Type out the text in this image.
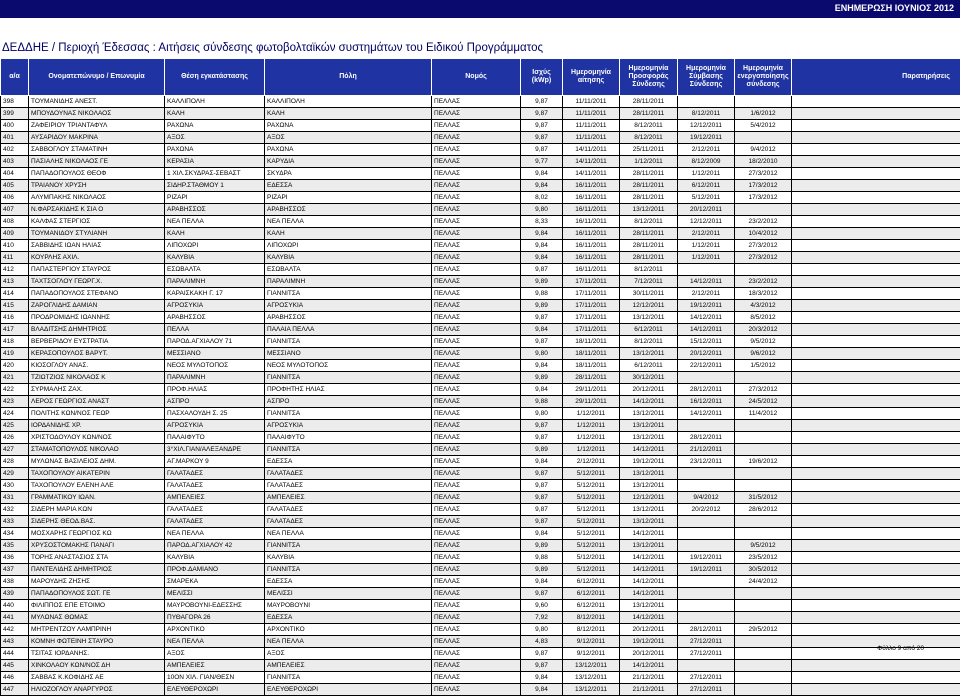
ΕΝΗΜΕΡΩΣΗ ΙΟΥΝΙΟΣ 2012
ΔΕΔΔΗΕ / Περιοχή Έδεσσας : Αιτήσεις σύνδεσης φωτοβολταϊκών συστημάτων του Ειδικού Προγράμματος
α/α	Ονοματεπώνυμο / Επωνυμία	Θέση εγκατάστασης	Πόλη	Νομός	Ισχύς (kWp)	Ημερομηνία αίτησης	Ημερομηνία Προσφοράς Σύνδεσης	Ημερομηνία Σύμβασης Σύνδεσης	Ημερομηνία ενεργοποίησης σύνδεσης	Παρατηρήσεις
398	ΤΟΥΜΑΝΙΔΗΣ ΑΝΕΣΤ.	ΚΑΛΛΙΠΟΛΗ	ΚΑΛΛΙΠΟΛΗ	ΠΕΛΛΑΣ	9,87	11/11/2011	28/11/2011			
399	ΜΠΟΥΔΟΥΝΑΣ ΝΙΚΟΛΑΟΣ	ΚΑΛΗ	ΚΑΛΗ	ΠΕΛΛΑΣ	9,87	11/11/2011	28/11/2011	8/12/2011	1/6/2012	
400	ΖΑΦΕΙΡΙΟΥ ΤΡΙΑΝΤΑΦΥΛ	ΡΑΧΩΝΑ	ΡΑΧΩΝΑ	ΠΕΛΛΑΣ	9,87	11/11/2011	8/12/2011	12/12/2011	5/4/2012	
401	ΑΥΣΑΡΙΔΟΥ ΜΑΚΡΙΝΑ	ΑΞΟΣ	ΑΞΟΣ	ΠΕΛΛΑΣ	9,87	11/11/2011	8/12/2011	19/12/2011		
402	ΣΑΒΒΟΓΛΟΥ ΣΤΑΜΑΤΙΝΗ	ΡΑΧΩΝΑ	ΡΑΧΩΝΑ	ΠΕΛΛΑΣ	9,87	14/11/2011	25/11/2011	2/12/2011	9/4/2012	
403	ΠΑΣΙΑΛΗΣ ΝΙΚΟΛΑΟΣ ΓΕ	ΚΕΡΑΣΙΑ	ΚΑΡΥΔΙΑ	ΠΕΛΛΑΣ	9,77	14/11/2011	1/12/2011	8/12/2009	18/2/2010	
404	ΠΑΠΑΔΟΠΟΥΛΟΣ ΘΕΟΦ	1 ΧΙΛ.ΣΚΥΔΡΑΣ-ΣΕΒΑΣΤ	ΣΚΥΔΡΑ	ΠΕΛΛΑΣ	9,84	14/11/2011	28/11/2011	1/12/2011	27/3/2012	
405	ΤΡΑΙΑΝΟΥ ΧΡΥΣΗ	ΣΙΔΗΡ.ΣΤΑΘΜΟΥ 1	ΕΔΕΣΣΑ	ΠΕΛΛΑΣ	9,84	16/11/2011	28/11/2011	6/12/2011	17/3/2012	
406	ΑΛΥΜΠΑΚΗΣ ΝΙΚΟΛΑΟΣ	ΡΙΖΑΡΙ	ΡΙΖΑΡΙ	ΠΕΛΛΑΣ	8,02	16/11/2011	28/11/2011	5/12/2011	17/3/2012	
407	Ν.ΦΑΡΣΑΚΙΔΗΣ Κ ΣΙΑ Ο	ΑΡΑΒΗΣΣΟΣ	ΑΡΑΒΗΣΣΟΣ	ΠΕΛΛΑΣ	9,80	16/11/2011	13/12/2011	20/12/2011		
408	ΚΑΛΦΑΣ ΣΤΕΡΓΙΟΣ	ΝΕΑ ΠΕΛΛΑ	ΝΕΑ ΠΕΛΛΑ	ΠΕΛΛΑΣ	8,33	16/11/2011	8/12/2011	12/12/2011	23/2/2012	
409	ΤΟΥΜΑΝΙΔΟΥ ΣΤΥΛΙΑΝΗ	ΚΑΛΗ	ΚΑΛΗ	ΠΕΛΛΑΣ	9,84	16/11/2011	28/11/2011	2/12/2011	10/4/2012	
410	ΣΑΒΒΙΔΗΣ ΙΩΑΝ ΗΛΙΑΣ	ΛΙΠΟΧΩΡΙ	ΛΙΠΟΧΩΡΙ	ΠΕΛΛΑΣ	9,84	16/11/2011	28/11/2011	1/12/2011	27/3/2012	
411	ΚΟΥΡΛΗΣ ΑΧΙΛ.	ΚΑΛΥΒΙΑ	ΚΑΛΥΒΙΑ	ΠΕΛΛΑΣ	9,84	16/11/2011	28/11/2011	1/12/2011	27/3/2012	
412	ΠΑΠΑΣΤΕΡΓΙΟΥ ΣΤΑΥΡΟΣ	ΕΣΩΒΑΛΤΑ	ΕΣΩΒΑΛΤΑ	ΠΕΛΛΑΣ	9,87	16/11/2011	8/12/2011			
413	ΤΑΧΤΣΟΓΛΟΥ ΓΕΩΡΓ.Χ.	ΠΑΡΑΛΙΜΝΗ	ΠΑΡΑΛΙΜΝΗ	ΠΕΛΛΑΣ	9,89	17/11/2011	7/12/2011	14/12/2011	23/2/2012	
414	ΠΑΠΑΔΟΠΟΥΛΟΣ ΣΤΕΦΑΝΟ	ΚΑΡΑΙΣΚΑΚΗ Γ. 17	ΓΙΑΝΝΙΤΣΑ	ΠΕΛΛΑΣ	9,88	17/11/2011	30/11/2011	2/12/2011	18/3/2012	
415	ΖΑΡΟΓΛΙΔΗΣ ΔΑΜΙΑΝ	ΑΓΡΟΣΥΚΙΑ	ΑΓΡΟΣΥΚΙΑ	ΠΕΛΛΑΣ	9,89	17/11/2011	12/12/2011	19/12/2011	4/3/2012	
416	ΠΡΟΔΡΟΜΙΔΗΣ ΙΩΑΝΝΗΣ	ΑΡΑΒΗΣΣΟΣ	ΑΡΑΒΗΣΣΟΣ	ΠΕΛΛΑΣ	9,87	17/11/2011	13/12/2011	14/12/2011	8/5/2012	
417	ΒΛΑΔΙΤΣΗΣ ΔΗΜΗΤΡΙΟΣ	ΠΕΛΛΑ	ΠΑΛΑΙΑ ΠΕΛΛΑ	ΠΕΛΛΑΣ	9,84	17/11/2011	6/12/2011	14/12/2011	20/3/2012	
418	ΒΕΡΒΕΡΙΔΟΥ ΕΥΣΤΡΑΤΙΑ	ΠΑΡΟΔ.ΑΓΧΙΑΛΟΥ 71	ΓΙΑΝΝΙΤΣΑ	ΠΕΛΛΑΣ	9,87	18/11/2011	8/12/2011	15/12/2011	9/5/2012	
419	ΚΕΡΑΣΟΠΟΥΛΟΣ ΒΑΡΥΤ.	ΜΕΣΣΙΑΝΟ	ΜΕΣΣΙΑΝΟ	ΠΕΛΛΑΣ	9,80	18/11/2011	13/12/2011	20/12/2011	9/6/2012	
420	ΚΙΟΣΟΓΛΟΥ ΑΝΑΣ.	ΝΕΟΣ ΜΥΛΟΤΟΠΟΣ	ΝΕΟΣ ΜΥΛΟΤΟΠΟΣ	ΠΕΛΛΑΣ	9,84	18/11/2011	6/12/2011	22/12/2011	1/5/2012	
421	ΤΖΙΩΤΖΙΟΣ ΝΙΚΟΛΑΟΣ Κ	ΠΑΡΑΛΙΜΝΗ	ΓΙΑΝΝΙΤΣΑ	ΠΕΛΛΑΣ	9,89	28/11/2011	30/12/2011			
422	ΣΥΡΜΑΛΗΣ ΖΑΧ.	ΠΡΟΦ.ΗΛΙΑΣ	ΠΡΟΦΗΤΗΣ ΗΛΙΑΣ	ΠΕΛΛΑΣ	9,84	29/11/2011	20/12/2011	28/12/2011	27/3/2012	
423	ΛΕΡΟΣ ΓΕΩΡΓΙΟΣ ΑΝΑΣΤ	ΑΣΠΡΟ	ΑΣΠΡΟ	ΠΕΛΛΑΣ	9,88	29/11/2011	14/12/2011	16/12/2011	24/5/2012	
424	ΠΟΛΙΤΗΣ ΚΩΝ/ΝΟΣ ΓΕΩΡ	ΠΑΣΧΑΛΟΥΔΗ Σ. 25	ΓΙΑΝΝΙΤΣΑ	ΠΕΛΛΑΣ	9,80	1/12/2011	13/12/2011	14/12/2011	11/4/2012	
425	ΙΟΡΔΑΝΙΔΗΣ ΧΡ.	ΑΓΡΟΣΥΚΙΑ	ΑΓΡΟΣΥΚΙΑ	ΠΕΛΛΑΣ	9,87	1/12/2011	13/12/2011			
426	ΧΡΙΣΤΟΔΟΥΛΟΥ ΚΩΝ/ΝΟΣ	ΠΑΛΑΙΦΥΤΟ	ΠΑΛΑΙΦΥΤΟ	ΠΕΛΛΑΣ	9,87	1/12/2011	13/12/2011	28/12/2011		
427	ΣΤΑΜΑΤΟΠΟΥΛΟΣ ΝΙΚΟΛΑΟ	3°ΧΙΛ.ΓΙΑΝ/ΑΛΕΞΑΝΔΡΕ	ΓΙΑΝΝΙΤΣΑ	ΠΕΛΛΑΣ	9,89	1/12/2011	14/12/2011	21/12/2011		
428	ΜΥΛΩΝΑΣ ΒΑΣΙΛΕΙΟΣ ΔΗΜ.	ΑΓ.ΜΑΡΚΟΥ 9	ΕΔΕΣΣΑ	ΠΕΛΛΑΣ	9,84	2/12/2011	19/12/2011	23/12/2011	19/6/2012	
429	ΤΑΧΟΠΟΥΛΟΥ ΑΙΚΑΤΕΡΙΝ	ΓΑΛΑΤΑΔΕΣ	ΓΑΛΑΤΑΔΕΣ	ΠΕΛΛΑΣ	9,87	5/12/2011	13/12/2011			
430	ΤΑΧΟΠΟΥΛΟΥ ΕΛΕΝΗ ΑΛΕ	ΓΑΛΑΤΑΔΕΣ	ΓΑΛΑΤΑΔΕΣ	ΠΕΛΛΑΣ	9,87	5/12/2011	13/12/2011			
431	ΓΡΑΜΜΑΤΙΚΟΥ ΙΩΑΝ.	ΑΜΠΕΛΕΙΕΣ	ΑΜΠΕΛΕΙΕΣ	ΠΕΛΛΑΣ	9,87	5/12/2011	12/12/2011	9/4/2012	31/5/2012	
432	ΣΙΔΕΡΗ ΜΑΡΙΑ ΚΩΝ	ΓΑΛΑΤΑΔΕΣ	ΓΑΛΑΤΑΔΕΣ	ΠΕΛΛΑΣ	9,87	5/12/2011	13/12/2011	20/2/2012	28/6/2012	
433	ΣΙΔΕΡΗΣ ΘΕΟΔ.ΒΑΣ.	ΓΑΛΑΤΑΔΕΣ	ΓΑΛΑΤΑΔΕΣ	ΠΕΛΛΑΣ	9,87	5/12/2011	13/12/2011			
434	ΜΟΣΧΑΡΗΣ ΓΕΩΡΓΙΟΣ ΚΩ	ΝΕΑ ΠΕΛΛΑ	ΝΕΑ ΠΕΛΛΑ	ΠΕΛΛΑΣ	9,84	5/12/2011	14/12/2011			
435	ΧΡΥΣΟΣΤΟΜΑΚΗΣ ΠΑΝΑΓΙ	ΠΑΡΟΔ.ΑΓΧΙΑΛΟΥ 42	ΓΙΑΝΝΙΤΣΑ	ΠΕΛΛΑΣ	9,89	5/12/2011	13/12/2011		9/5/2012	
436	ΤΟΡΗΣ ΑΝΑΣΤΑΣΙΟΣ ΣΤΑ	ΚΑΛΥΒΙΑ	ΚΑΛΥΒΙΑ	ΠΕΛΛΑΣ	9,88	5/12/2011	14/12/2011	19/12/2011	23/5/2012	
437	ΠΑΝΤΕΛΙΔΗΣ ΔΗΜΗΤΡΙΟΣ	ΠΡΟΦ.ΔΑΜΙΑΝΟ	ΓΙΑΝΝΙΤΣΑ	ΠΕΛΛΑΣ	9,89	5/12/2011	14/12/2011	19/12/2011	30/5/2012	
438	ΜΑΡΟΥΔΗΣ ΖΗΣΗΣ	ΣΜΑΡΕΚΑ	ΕΔΕΣΣΑ	ΠΕΛΛΑΣ	9,84	6/12/2011	14/12/2011		24/4/2012	
439	ΠΑΠΑΔΟΠΟΥΛΟΣ ΣΩΤ. ΓΕ	ΜΕΛΙΣΣΙ	ΜΕΛΙΣΣΙ	ΠΕΛΛΑΣ	9,87	6/12/2011	14/12/2011			
440	ΦΙΛΙΠΠΟΣ ΕΠΕ ΕΤΟΙΜΟ	ΜΑΥΡΟΒΟΥΝΙ-ΕΔΕΣΣΗΣ	ΜΑΥΡΟΒΟΥΝΙ	ΠΕΛΛΑΣ	9,60	6/12/2011	13/12/2011			
441	ΜΥΛΩΝΑΣ ΘΩΜΑΣ	ΠΥΘΑΓΟΡΑ 26	ΕΔΕΣΣΑ	ΠΕΛΛΑΣ	7,92	8/12/2011	14/12/2011			
442	ΜΗΤΡΕΝΤΖΟΥ ΛΑΜΠΡΙΝΗ	ΑΡΧΟΝΤΙΚΟ	ΑΡΧΟΝΤΙΚΟ	ΠΕΛΛΑΣ	9,80	8/12/2011	20/12/2011	28/12/2011	29/5/2012	
443	ΚΟΜΝΗ ΦΩΤΕΙΝΗ ΣΤΑΥΡΟ	ΝΕΑ ΠΕΛΛΑ	ΝΕΑ ΠΕΛΛΑ	ΠΕΛΛΑΣ	4,83	9/12/2011	19/12/2011	27/12/2011		
444	ΤΣΙΤΑΣ ΙΟΡΔΑΝΗΣ.	ΑΞΟΣ	ΑΞΟΣ	ΠΕΛΛΑΣ	9,87	9/12/2011	20/12/2011	27/12/2011		
445	ΧΙΝΚΟΛΑΟΥ ΚΩΝ/ΝΟΣ ΔΗ	ΑΜΠΕΛΕΙΕΣ	ΑΜΠΕΛΕΙΕΣ	ΠΕΛΛΑΣ	9,87	13/12/2011	14/12/2011			
446	ΣΑΒΒΑΣ Κ.ΚΟΦΙΔΗΣ ΑΕ	10ΟΝ ΧΙΛ. ΓΙΑΝ/ΘΕΣΝ	ΓΙΑΝΝΙΤΣΑ	ΠΕΛΛΑΣ	9,84	13/12/2011	21/12/2011	27/12/2011		
447	ΗΛΙΟΖΟΓΛΟΥ ΑΝΑΡΓΥΡΟΣ	ΕΛΕΥΘΕΡΟΧΩΡΙ	ΕΛΕΥΘΕΡΟΧΩΡΙ	ΠΕΛΛΑΣ	9,84	13/12/2011	21/12/2011	27/12/2011		
Φύλλο 9 από 20
